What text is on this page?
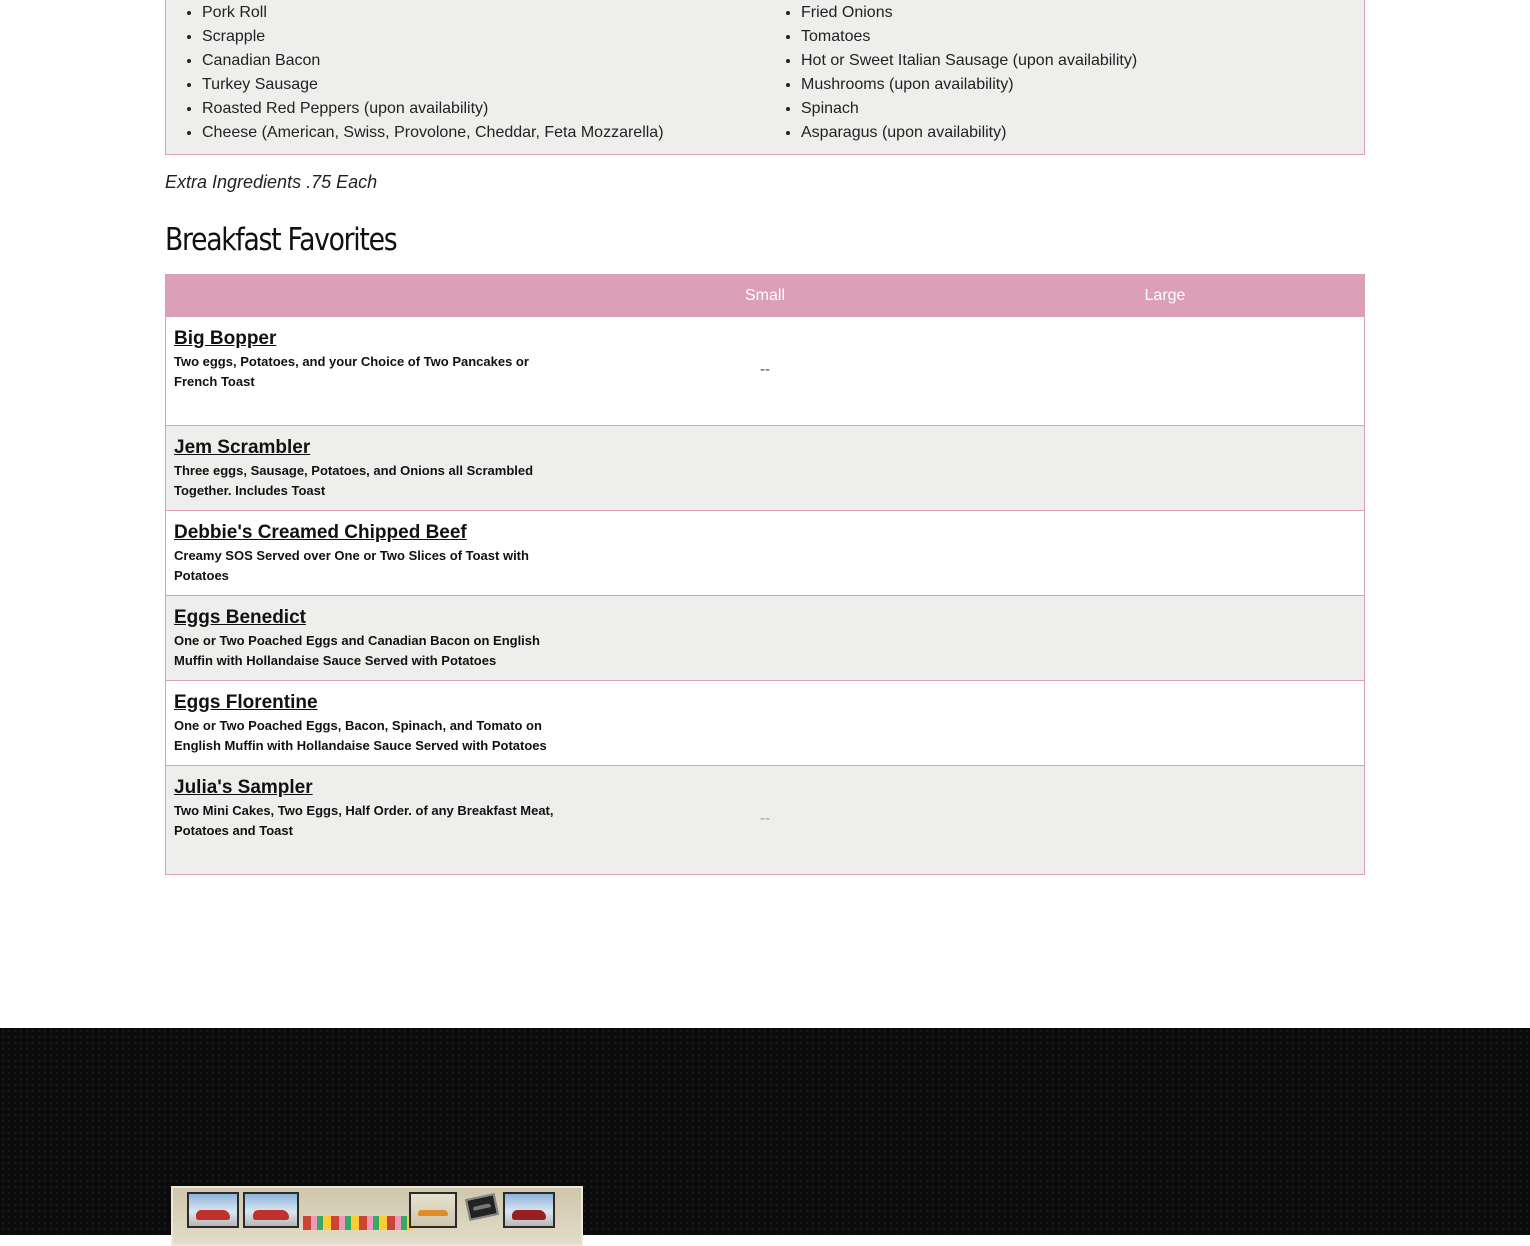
• Pork Roll
• Scrapple
• Canadian Bacon
• Turkey Sausage
• Roasted Red Peppers (upon availability)
• Cheese (American, Swiss, Provolone, Cheddar, Feta Mozzarella)
• Fried Onions
• Tomatoes
• Hot or Sweet Italian Sausage (upon availability)
• Mushrooms (upon availability)
• Spinach
• Asparagus (upon availability)
Extra Ingredients .75 Each
Breakfast Favorites
Small	Large
Big Bopper
Two eggs, Potatoes, and your Choice of Two Pancakes or French Toast
--
Jem Scrambler
Three eggs, Sausage, Potatoes, and Onions all Scrambled Together. Includes Toast
Debbie's Creamed Chipped Beef
Creamy SOS Served over One or Two Slices of Toast with Potatoes
Eggs Benedict
One or Two Poached Eggs and Canadian Bacon on English Muffin with Hollandaise Sauce Served with Potatoes
Eggs Florentine
One or Two Poached Eggs, Bacon, Spinach, and Tomato on English Muffin with Hollandaise Sauce Served with Potatoes
Julia's Sampler
Two Mini Cakes, Two Eggs, Half Order. of any Breakfast Meat, Potatoes and Toast
--
